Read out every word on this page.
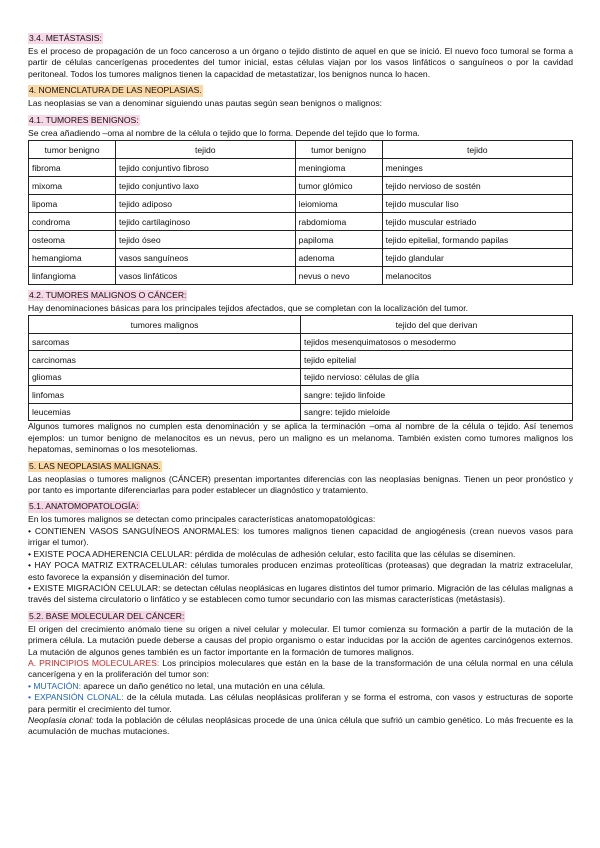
3.4. METÁSTASIS:

Es el proceso de propagación de un foco canceroso a un órgano o tejido distinto de aquel en que se inició. El nuevo foco tumoral se forma a partir de células cancerígenas procedentes del tumor inicial, estas células viajan por los vasos linfáticos o sanguíneos o por la cavidad peritoneal. Todos los tumores malignos tienen la capacidad de metastatizar, los benignos nunca lo hacen.

4. NOMENCLATURA DE LAS NEOPLASIAS.

Las neoplasias se van a denominar siguiendo unas pautas según sean benignos o malignos:

4.1. TUMORES BENIGNOS:

Se crea añadiendo –oma al nombre de la célula o tejido que lo forma. Depende del tejido que lo forma.

tumor benigno	tejido	tumor benigno	tejido
fibroma	tejido conjuntivo fibroso	meningioma	meninges
mixoma	tejido conjuntivo laxo	tumor glómico	tejido nervioso de sostén
lipoma	tejido adiposo	leiomioma	tejido muscular liso
condroma	tejido cartilaginoso	rabdomioma	tejido muscular estriado
osteoma	tejido óseo	papiloma	tejido epitelial, formando papilas
hemangioma	vasos sanguíneos	adenoma	tejido glandular
linfangioma	vasos linfáticos	nevus o nevo	melanocitos
4.2. TUMORES MALIGNOS O CÁNCER:

Hay denominaciones básicas para los principales tejidos afectados, que se completan con la localización del tumor.

tumores malignos	tejido del que derivan
sarcomas	tejidos mesenquimatosos o mesodermo
carcinomas	tejido epitelial
gliomas	tejido nervioso: células de glía
linfomas	sangre: tejido linfoide
leucemias	sangre: tejido mieloide

Algunos tumores malignos no cumplen esta denominación y se aplica la terminación –oma al nombre de la célula o tejido. Así tenemos ejemplos: un tumor benigno de melanocitos es un nevus, pero un maligno es un melanoma. También existen como tumores malignos los hepatomas, seminomas o los mesoteliomas.

5. LAS NEOPLASIAS MALIGNAS.

Las neoplasias o tumores malignos (CÁNCER) presentan importantes diferencias con las neoplasias benignas. Tienen un peor pronóstico y por tanto es importante diferenciarlas para poder establecer un diagnóstico y tratamiento.

5.1. ANATOMOPATOLOGÍA:

En los tumores malignos se detectan como principales características anatomopatológicas:

• CONTIENEN VASOS SANGUÍNEOS ANORMALES: los tumores malignos tienen capacidad de angiogénesis (crean nuevos vasos para irrigar el tumor).

• EXISTE POCA ADHERENCIA CELULAR: pérdida de moléculas de adhesión celular, esto facilita que las células se diseminen.

• HAY POCA MATRIZ EXTRACELULAR: células tumorales producen enzimas proteolíticas (proteasas) que degradan la matriz extracelular, esto favorece la expansión y diseminación del tumor.

• EXISTE MIGRACIÓN CELULAR: se detectan células neoplásicas en lugares distintos del tumor primario. Migración de las células malignas a través del sistema circulatorio o linfático y se establecen como tumor secundario con las mismas características (metástasis).

5.2. BASE MOLECULAR DEL CÁNCER:

El origen del crecimiento anómalo tiene su origen a nivel celular y molecular. El tumor comienza su formación a partir de la mutación de la primera célula. La mutación puede deberse a causas del propio organismo o estar inducidas por la acción de agentes carcinógenos externos. La mutación de algunos genes también es un factor importante en la formación de tumores malignos.

A. PRINCIPIOS MOLECULARES: Los principios moleculares que están en la base de la transformación de una célula normal en una célula cancerígena y en la proliferación del tumor son:

• MUTACIÓN: aparece un daño genético no letal, una mutación en una célula.

• EXPANSIÓN CLONAL: de la célula mutada. Las células neoplásicas proliferan y se forma el estroma, con vasos y estructuras de soporte para permitir el crecimiento del tumor.

Neoplasia clonal: toda la población de células neoplásicas procede de una única célula que sufrió un cambio genético. Lo más frecuente es la acumulación de muchas mutaciones.
